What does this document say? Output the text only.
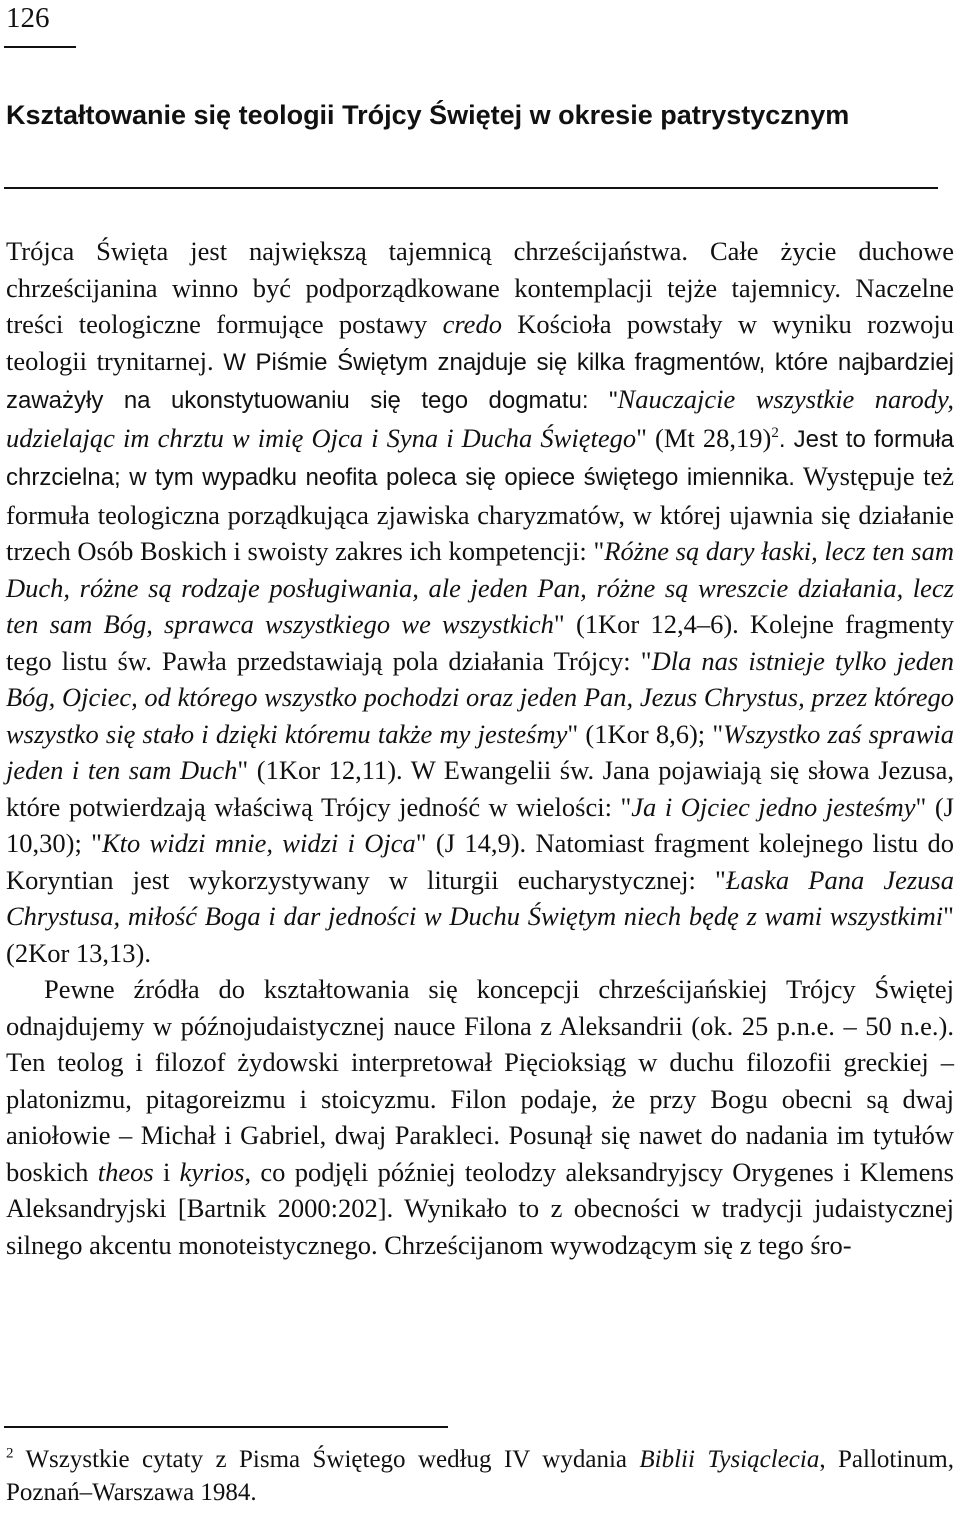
126
Kształtowanie się teologii Trójcy Świętej w okresie patrystycznym

Trójca Święta jest największą tajemnicą chrześcijaństwa. Całe życie duchowe chrześcijanina winno być podporządkowane kontemplacji tejże tajemnicy. Naczelne treści teologiczne formujące postawy credo Kościoła powstały w wyniku rozwoju teologii trynitarnej. W Piśmie Świętym znajduje się kilka fragmentów, które najbardziej zaważyły na ukonstytuowaniu się tego dogmatu: "Nauczajcie wszystkie narody, udzielając im chrztu w imię Ojca i Syna i Ducha Świętego" (Mt 28,19)$^2$. Jest to formuła chrzcielna; w tym wypadku neofita poleca się opiece świętego imiennika. Występuje też formuła teologiczna porządkująca zjawiska charyzmatów, w której ujawnia się działanie trzech Osób Boskich i swoisty zakres ich kompetencji: "Różne są dary łaski, lecz ten sam Duch, różne są rodzaje posługiwania, ale jeden Pan, różne są wreszcie działania, lecz ten sam Bóg, sprawca wszystkiego we wszystkich" (1Kor 12,4–6). Kolejne fragmenty tego listu św. Pawła przedstawiają pola działania Trójcy: "Dla nas istnieje tylko jeden Bóg, Ojciec, od którego wszystko pochodzi oraz jeden Pan, Jezus Chrystus, przez którego wszystko się stało i dzięki któremu także my jesteśmy" (1Kor 8,6); "Wszystko zaś sprawia jeden i ten sam Duch" (1Kor 12,11). W Ewangelii św. Jana pojawiają się słowa Jezusa, które potwierdzają właściwą Trójcy jedność w wielości: "Ja i Ojciec jedno jesteśmy" (J 10,30); "Kto widzi mnie, widzi i Ojca" (J 14,9). Natomiast fragment kolejnego listu do Koryntian jest wykorzystywany w liturgii eucharystycznej: "Łaska Pana Jezusa Chrystusa, miłość Boga i dar jedności w Duchu Świętym niech będę z wami wszystkimi" (2Kor 13,13).

Pewne źródła do kształtowania się koncepcji chrześcijańskiej Trójcy Świętej odnajdujemy w późnojudaistycznej nauce Filona z Aleksandrii (ok. 25 p.n.e. – 50 n.e.). Ten teolog i filozof żydowski interpretował Pięcioksiąg w duchu filozofii greckiej – platonizmu, pitagoreizmu i stoicyzmu. Filon podaje, że przy Bogu obecni są dwaj aniołowie – Michał i Gabriel, dwaj Parakleci. Posunął się nawet do nadania im tytułów boskich theos i kyrios, co podjęli później teolodzy aleksandryjscy Orygenes i Klemens Aleksandryjski [Bartnik 2000:202]. Wynikało to z obecności w tradycji judaistycznej silnego akcentu monoteistycznego. Chrześcijanom wywodzącym się z tego śro-

$^2$ Wszystkie cytaty z Pisma Świętego według IV wydania Biblii Tysiąclecia, Pallotinum, Poznań–Warszawa 1984.
